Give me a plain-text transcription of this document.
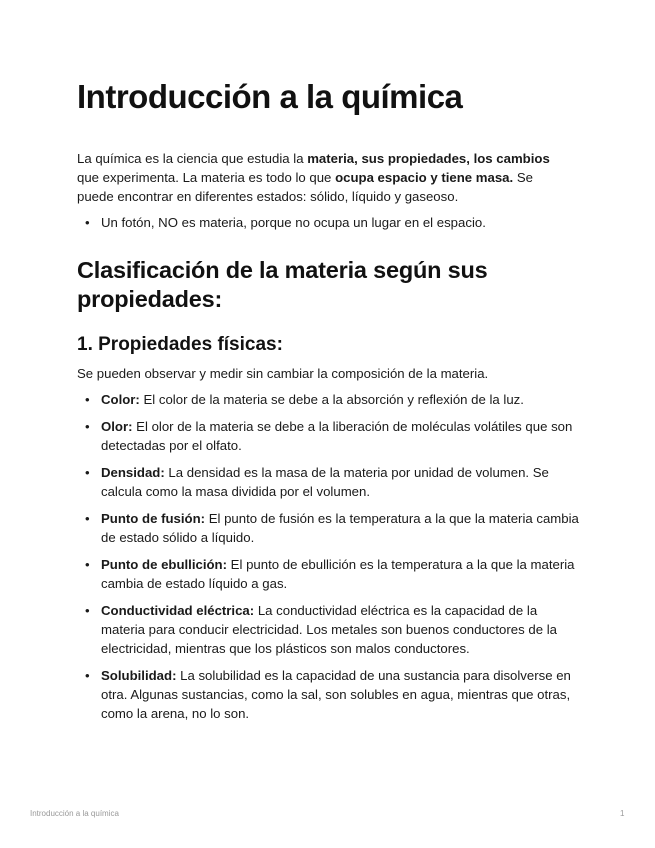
Introducción a la química

La química es la ciencia que estudia la materia, sus propiedades, los cambios que experimenta. La materia es todo lo que ocupa espacio y tiene masa. Se puede encontrar en diferentes estados: sólido, líquido y gaseoso.

• Un fotón, NO es materia, porque no ocupa un lugar en el espacio.
Clasificación de la materia según sus propiedades:
1. Propiedades físicas:

Se pueden observar y medir sin cambiar la composición de la materia.

• Color: El color de la materia se debe a la absorción y reflexión de la luz.
• Olor: El olor de la materia se debe a la liberación de moléculas volátiles que son detectadas por el olfato.
• Densidad: La densidad es la masa de la materia por unidad de volumen. Se calcula como la masa dividida por el volumen.
• Punto de fusión: El punto de fusión es la temperatura a la que la materia cambia de estado sólido a líquido.
• Punto de ebullición: El punto de ebullición es la temperatura a la que la materia cambia de estado líquido a gas.
• Conductividad eléctrica: La conductividad eléctrica es la capacidad de la materia para conducir electricidad. Los metales son buenos conductores de la electricidad, mientras que los plásticos son malos conductores.
• Solubilidad: La solubilidad es la capacidad de una sustancia para disolverse en otra. Algunas sustancias, como la sal, son solubles en agua, mientras que otras, como la arena, no lo son.
Introducción a la química	1
